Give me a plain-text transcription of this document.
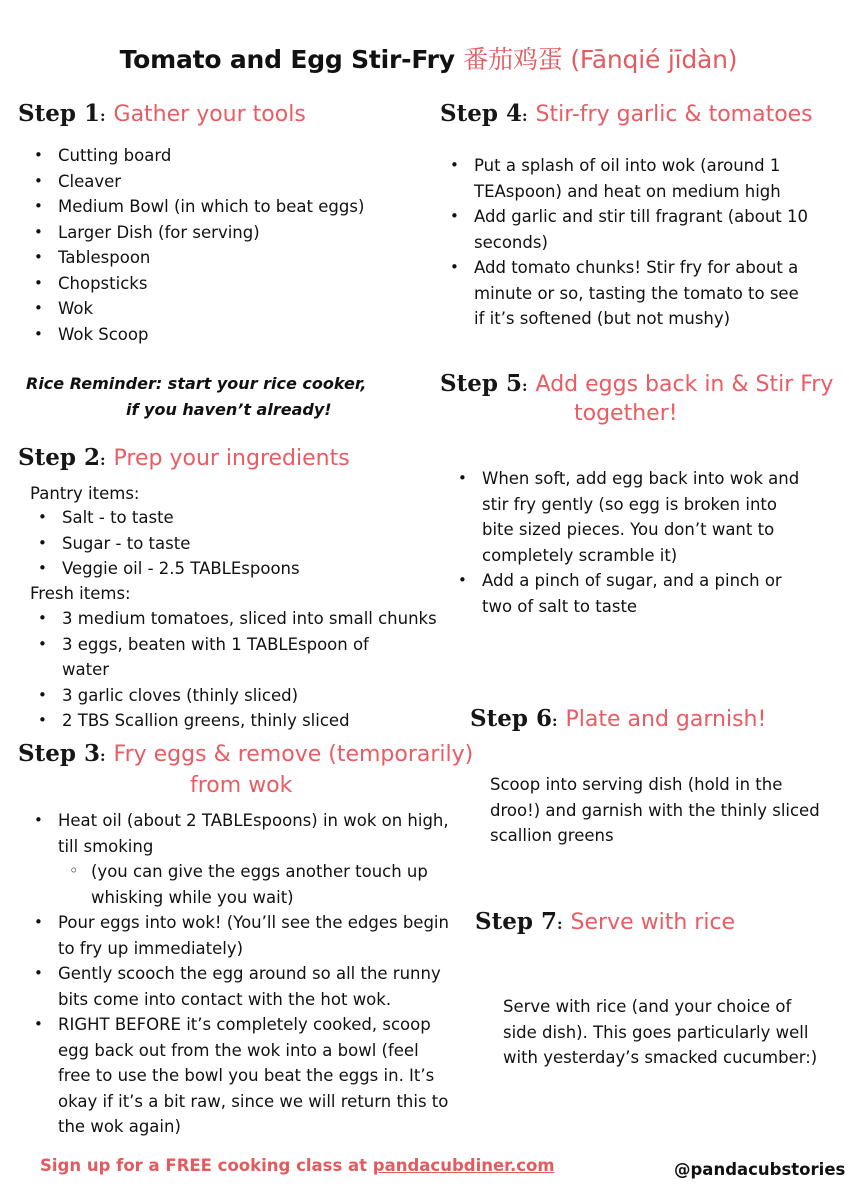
Tomato and Egg Stir-Fry 番茄鸡蛋 (Fānqié jīdàn)
Step 1: Gather your tools
• Cutting board
• Cleaver
• Medium Bowl (in which to beat eggs)
• Larger Dish (for serving)
• Tablespoon
• Chopsticks
• Wok
• Wok Scoop
Rice Reminder: start your rice cooker,
if you haven’t already!
Step 2: Prep your ingredients
Pantry items:
• Salt - to taste
• Sugar - to taste
• Veggie oil - 2.5 TABLEspoons
Fresh items:
• 3 medium tomatoes, sliced into small chunks
• 3 eggs, beaten with 1 TABLEspoon of water
• 3 garlic cloves (thinly sliced)
• 2 TBS Scallion greens, thinly sliced
Step 3: Fry eggs & remove (temporarily)
from wok
• Heat oil (about 2 TABLEspoons) in wok on high, till smoking
◦ (you can give the eggs another touch up whisking while you wait)
• Pour eggs into wok! (You’ll see the edges begin to fry up immediately)
• Gently scooch the egg around so all the runny bits come into contact with the hot wok.
• RIGHT BEFORE it’s completely cooked, scoop egg back out from the wok into a bowl (feel free to use the bowl you beat the eggs in. It’s okay if it’s a bit raw, since we will return this to the wok again)
Step 4: Stir-fry garlic & tomatoes
• Put a splash of oil into wok (around 1 TEAspoon) and heat on medium high
• Add garlic and stir till fragrant (about 10 seconds)
• Add tomato chunks! Stir fry for about a minute or so, tasting the tomato to see if it’s softened (but not mushy)
Step 5: Add eggs back in & Stir Fry
together!
• When soft, add egg back into wok and stir fry gently (so egg is broken into bite sized pieces. You don’t want to completely scramble it)
• Add a pinch of sugar, and a pinch or two of salt to taste
Step 6: Plate and garnish!
Scoop into serving dish (hold in the droo!) and garnish with the thinly sliced scallion greens
Step 7: Serve with rice
Serve with rice (and your choice of side dish). This goes particularly well with yesterday’s smacked cucumber:)
Sign up for a FREE cooking class at pandacubdiner.com	@pandacubstories
